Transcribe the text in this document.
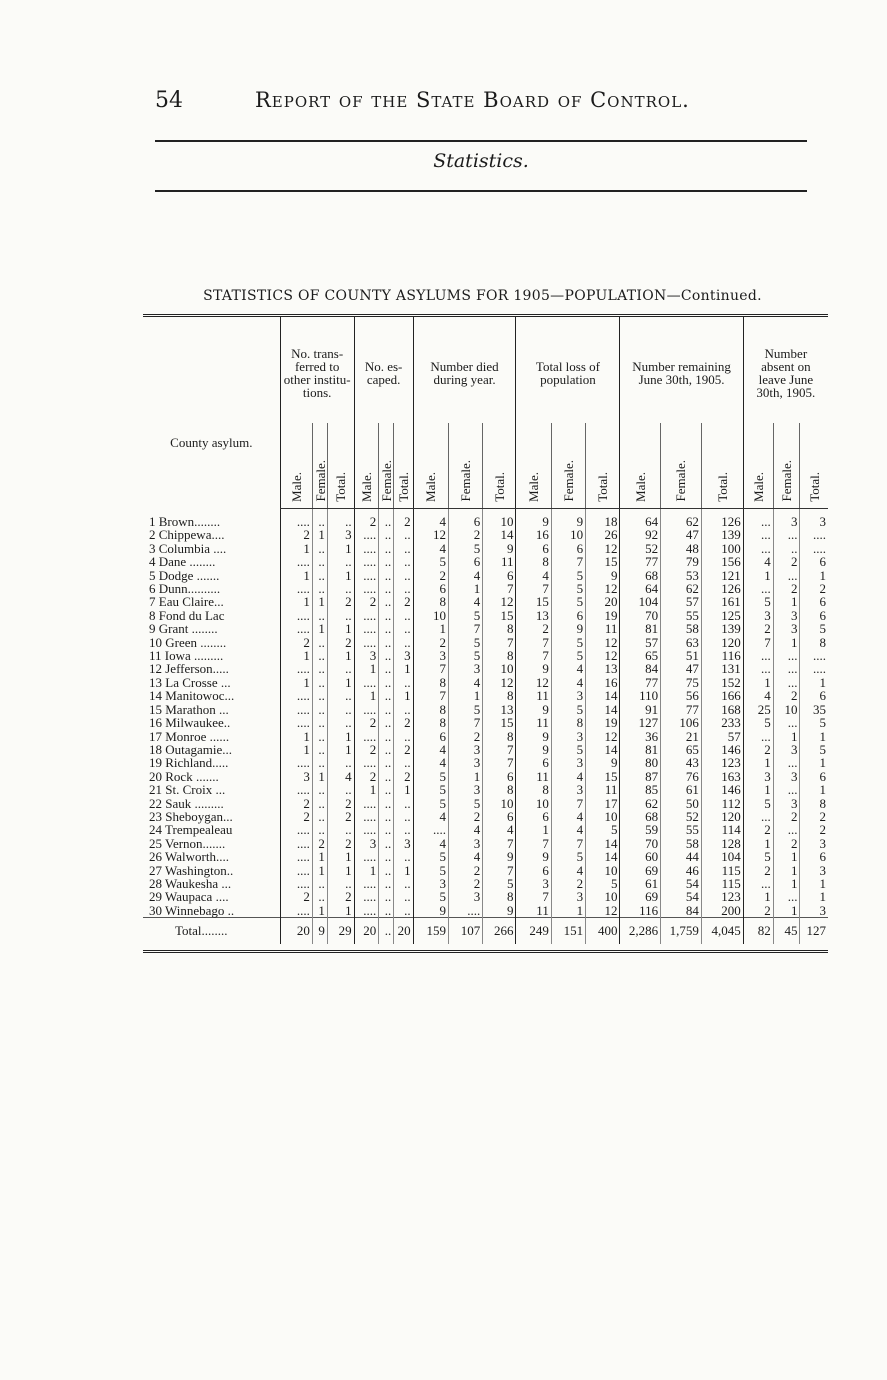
54	Report of the State Board of Control.
Statistics.
STATISTICS OF COUNTY ASYLUMS FOR 1905—POPULATION—Continued.
County asylum.	No. trans-ferred to other institu-tions.			No. es-caped.			Number died during year.			Total loss of population			Number remaining June 30th, 1905.			Number absent on leave June 30th, 1905.		
	Male.	Female.	Total.	Male.	Female.	Total.	Male.	Female.	Total.	Male.	Female.	Total.	Male.	Female.	Total.	Male.	Female.	Total.
1 Brown........	....	..	..	2	..	2	4	6	10	9	9	18	64	62	126	...	3	3
2 Chippewa....	2	1	3	....	..	..	12	2	14	16	10	26	92	47	139	...	...	....
3 Columbia ....	1	..	1	....	..	..	4	5	9	6	6	12	52	48	100	...	..	....
4 Dane ........	....	..	..	....	..	..	5	6	11	8	7	15	77	79	156	4	2	6
5 Dodge .......	1	..	1	....	..	..	2	4	6	4	5	9	68	53	121	1	...	1
6 Dunn..........	....	..	..	....	..	..	6	1	7	7	5	12	64	62	126	...	2	2
7 Eau Claire...	1	1	2	2	..	2	8	4	12	15	5	20	104	57	161	5	1	6
8 Fond du Lac	....	..	..	....	..	..	10	5	15	13	6	19	70	55	125	3	3	6
9 Grant ........	....	1	1	....	..	..	1	7	8	2	9	11	81	58	139	2	3	5
10 Green ........	2	..	2	....	..	..	2	5	7	7	5	12	57	63	120	7	1	8
11 Iowa .........	1	..	1	3	..	3	3	5	8	7	5	12	65	51	116	...	...	....
12 Jefferson.....	....	..	..	1	..	1	7	3	10	9	4	13	84	47	131	...	...	....
13 La Crosse ...	1	..	1	....	..	..	8	4	12	12	4	16	77	75	152	1	...	1
14 Manitowoc...	....	..	..	1	..	1	7	1	8	11	3	14	110	56	166	4	2	6
15 Marathon ...	....	..	..	....	..	..	8	5	13	9	5	14	91	77	168	25	10	35
16 Milwaukee..	....	..	..	2	..	2	8	7	15	11	8	19	127	106	233	5	...	5
17 Monroe ......	1	..	1	....	..	..	6	2	8	9	3	12	36	21	57	...	1	1
18 Outagamie...	1	..	1	2	..	2	4	3	7	9	5	14	81	65	146	2	3	5
19 Richland.....	....	..	..	....	..	..	4	3	7	6	3	9	80	43	123	1	...	1
20 Rock .......	3	1	4	2	..	2	5	1	6	11	4	15	87	76	163	3	3	6
21 St. Croix ...	....	..	..	1	..	1	5	3	8	8	3	11	85	61	146	1	...	1
22 Sauk .........	2	..	2	....	..	..	5	5	10	10	7	17	62	50	112	5	3	8
23 Sheboygan...	2	..	2	....	..	..	4	2	6	6	4	10	68	52	120	...	2	2
24 Trempealeau	....	..	..	....	..	..	....	4	4	1	4	5	59	55	114	2	...	2
25 Vernon.......	....	2	2	3	..	3	4	3	7	7	7	14	70	58	128	1	2	3
26 Walworth....	....	1	1	....	..	..	5	4	9	9	5	14	60	44	104	5	1	6
27 Washington..	....	1	1	1	..	1	5	2	7	6	4	10	69	46	115	2	1	3
28 Waukesha ...	....	..	..	....	..	..	3	2	5	3	2	5	61	54	115	...	1	1
29 Waupaca ....	2	..	2	....	..	..	5	3	8	7	3	10	69	54	123	1	...	1
30 Winnebago ..	....	1	1	....	..	..	9	....	9	11	1	12	116	84	200	2	1	3
Total........	20	9	29	20	..	20	159	107	266	249	151	400	2,286	1,759	4,045	82	45	127
